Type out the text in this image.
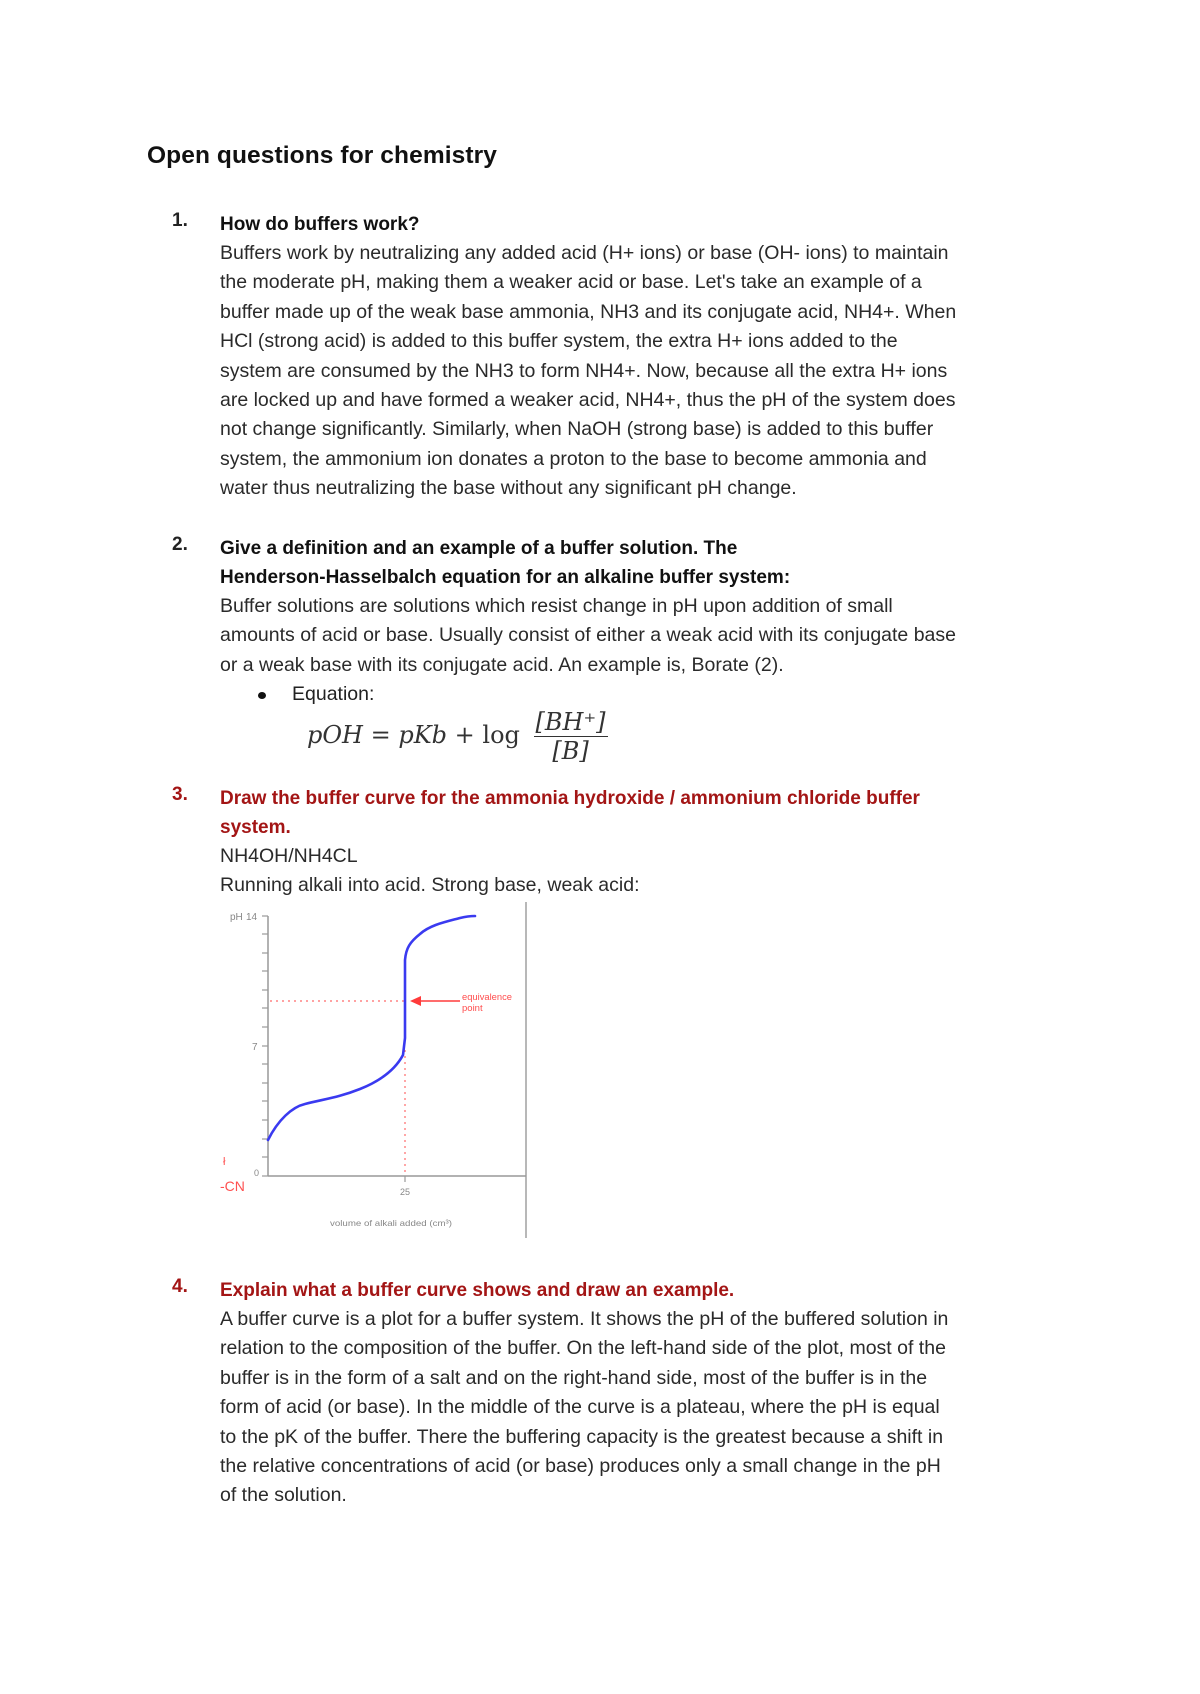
Open questions for chemistry
1. How do buffers work?
Buffers work by neutralizing any added acid (H+ ions) or base (OH- ions) to maintain
the moderate pH, making them a weaker acid or base. Let's take an example of a
buffer made up of the weak base ammonia, NH3 and its conjugate acid, NH4+. When
HCl (strong acid) is added to this buffer system, the extra H+ ions added to the
system are consumed by the NH3 to form NH4+. Now, because all the extra H+ ions
are locked up and have formed a weaker acid, NH4+, thus the pH of the system does
not change significantly. Similarly, when NaOH (strong base) is added to this buffer
system, the ammonium ion donates a proton to the base to become ammonia and
water thus neutralizing the base without any significant pH change.
2. Give a definition and an example of a buffer solution. The
Henderson-Hasselbalch equation for an alkaline buffer system:
Buffer solutions are solutions which resist change in pH upon addition of small
amounts of acid or base. Usually consist of either a weak acid with its conjugate base
or a weak base with its conjugate acid. An example is, Borate (2).
Equation:
pOH = pKb + $\log \frac{[BH^+]}{[B]}$
3. Draw the buffer curve for the ammonia hydroxide / ammonium chloride buffer
system.
NH4OH/NH4CL
Running alkali into acid. Strong base, weak acid:
pH 14
7
0
25
volume of alkali added (cm³)
-CN
ł
equivalence
point
4. Explain what a buffer curve shows and draw an example.
A buffer curve is a plot for a buffer system. It shows the pH of the buffered solution in
relation to the composition of the buffer. On the left-hand side of the plot, most of the
buffer is in the form of a salt and on the right-hand side, most of the buffer is in the
form of acid (or base). In the middle of the curve is a plateau, where the pH is equal
to the pK of the buffer. There the buffering capacity is the greatest because a shift in
the relative concentrations of acid (or base) produces only a small change in the pH
of the solution.
